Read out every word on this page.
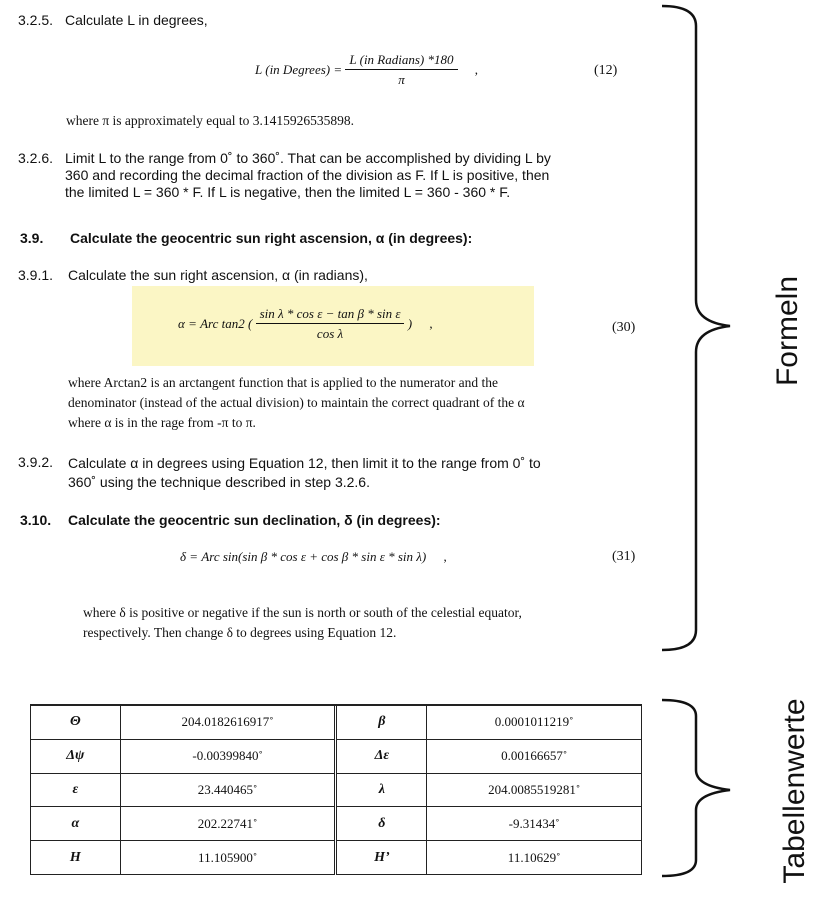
3.2.5. Calculate L in degrees,
L (in Degrees) = $\frac{\text{L (in Radians) *180}}{\pi}$ ,	(12)
where π is approximately equal to 3.1415926535898.
3.2.6. Limit L to the range from 0˚ to 360˚. That can be accomplished by dividing L by
360 and recording the decimal fraction of the division as F. If L is positive, then
the limited L = 360 * F. If L is negative, then the limited L = 360 - 360 * F.
3.9. Calculate the geocentric sun right ascension, α (in degrees):
3.9.1. Calculate the sun right ascension, α (in radians),
α = Arc tan2 ( $\frac{\text{sin λ * cos ε − tan β * sin ε}}{\text{cos λ}}$ ) ,	(30)
where Arctan2 is an arctangent function that is applied to the numerator and the
denominator (instead of the actual division) to maintain the correct quadrant of the α
where α is in the rage from -π to π.
3.9.2. Calculate α in degrees using Equation 12, then limit it to the range from 0˚ to
360˚ using the technique described in step 3.2.6.
3.10. Calculate the geocentric sun declination, δ (in degrees):
δ = Arc sin(sin β * cos ε + cos β * sin ε * sin λ) ,	(31)
where δ is positive or negative if the sun is north or south of the celestial equator,
respectively. Then change δ to degrees using Equation 12.
Formeln
Tabellenwerte
Θ	204.0182616917˚	β	0.0001011219˚
Δψ	-0.00399840˚	Δε	0.00166657˚
ε	23.440465˚	λ	204.0085519281˚
α	202.22741˚	δ	-9.31434˚
H	11.105900˚	H’	11.10629˚
